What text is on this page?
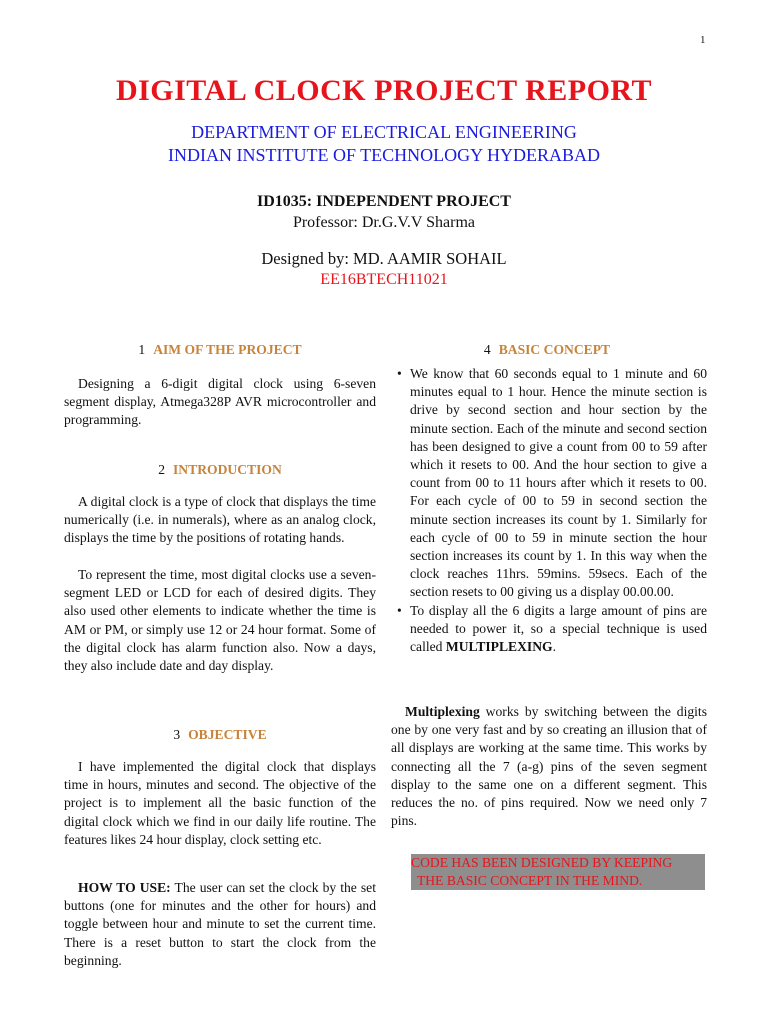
1
DIGITAL CLOCK PROJECT REPORT
DEPARTMENT OF ELECTRICAL ENGINEERING
INDIAN INSTITUTE OF TECHNOLOGY HYDERABAD
ID1035: INDEPENDENT PROJECT
Professor: Dr.G.V.V Sharma
Designed by: MD. AAMIR SOHAIL
EE16BTECH11021
1 AIM OF THE PROJECT

Designing a 6-digit digital clock using 6-seven segment display, Atmega328P AVR microcontroller and programming.

2 INTRODUCTION

A digital clock is a type of clock that displays the time numerically (i.e. in numerals), where as an analog clock, displays the time by the positions of rotating hands.

To represent the time, most digital clocks use a seven-segment LED or LCD for each of desired digits. They also used other elements to indicate whether the time is AM or PM, or simply use 12 or 24 hour format. Some of the digital clock has alarm function also. Now a days, they also include date and day display.

3 OBJECTIVE

I have implemented the digital clock that displays time in hours, minutes and second. The objective of the project is to implement all the basic function of the digital clock which we find in our daily life routine. The features likes 24 hour display, clock setting etc.

HOW TO USE: The user can set the clock by the set buttons (one for minutes and the other for hours) and toggle between hour and minute to set the current time. There is a reset button to start the clock from the beginning.

4 BASIC CONCEPT
• We know that 60 seconds equal to 1 minute and 60 minutes equal to 1 hour. Hence the minute section is drive by second section and hour section by the minute section. Each of the minute and second section has been designed to give a count from 00 to 59 after which it resets to 00. And the hour section to give a count from 00 to 11 hours after which it resets to 00. For each cycle of 00 to 59 in second section the minute section increases its count by 1. Similarly for each cycle of 00 to 59 in minute section the hour section increases its count by 1. In this way when the clock reaches 11hrs. 59mins. 59secs. Each of the section resets to 00 giving us a display 00.00.00.
• To display all the 6 digits a large amount of pins are needed to power it, so a special technique is used called MULTIPLEXING.

Multiplexing works by switching between the digits one by one very fast and by so creating an illusion that of all displays are working at the same time. This works by connecting all the 7 (a-g) pins of the seven segment display to the same one on a different segment. This reduces the no. of pins required. Now we need only 7 pins.

CODE HAS BEEN DESIGNED BY KEEPING
THE BASIC CONCEPT IN THE MIND.
